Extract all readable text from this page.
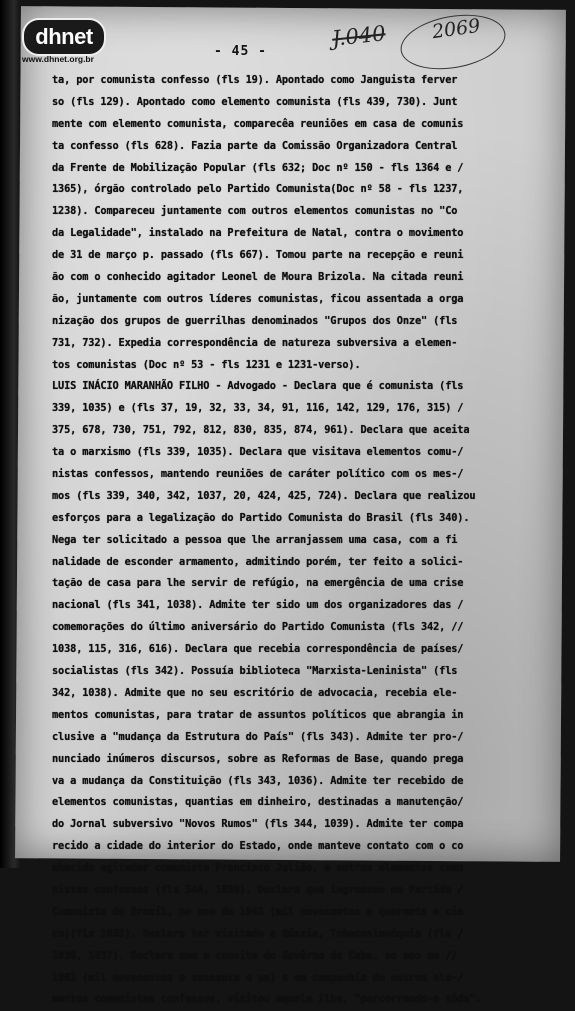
dhnet
www.dhnet.org.br	- 45 -
J.040 2069
ta, por comunista confesso (fls 19). Apontado como Janguista ferver
so (fls 129). Apontado como elemento comunista (fls 439, 730). Junt
mente com elemento comunista, comparecêa reuniões em casa de comunis
ta confesso (fls 628). Fazia parte da Comissão Organizadora Central
da Frente de Mobilização Popular (fls 632; Doc nº 150 - fls 1364 e /
1365), órgão controlado pelo Partido Comunista(Doc nº 58 - fls 1237,
1238). Compareceu juntamente com outros elementos comunistas no "Co
da Legalidade", instalado na Prefeitura de Natal, contra o movimento
de 31 de março p. passado (fls 667). Tomou parte na recepção e reuni
ão com o conhecido agitador Leonel de Moura Brizola. Na citada reuni
ão, juntamente com outros líderes comunistas, ficou assentada a orga
nização dos grupos de guerrilhas denominados "Grupos dos Onze" (fls
731, 732). Expedia correspondência de natureza subversiva a elemen-
tos comunistas (Doc nº 53 - fls 1231 e 1231-verso).
LUIS INÁCIO MARANHÃO FILHO - Advogado - Declara que é comunista (fls
339, 1035) e (fls 37, 19, 32, 33, 34, 91, 116, 142, 129, 176, 315) /
375, 678, 730, 751, 792, 812, 830, 835, 874, 961). Declara que aceita
ta o marxismo (fls 339, 1035). Declara que visitava elementos comu-/
nistas confessos, mantendo reuniões de caráter político com os mes-/
mos (fls 339, 340, 342, 1037, 20, 424, 425, 724). Declara que realizou
esforços para a legalização do Partido Comunista do Brasil (fls 340).
Nega ter solicitado a pessoa que lhe arranjassem uma casa, com a fi
nalidade de esconder armamento, admitindo porém, ter feito a solici-
tação de casa para lhe servir de refúgio, na emergência de uma crise
nacional (fls 341, 1038). Admite ter sido um dos organizadores das /
comemorações do último aniversário do Partido Comunista (fls 342, //
1038, 115, 316, 616). Declara que recebia correspondência de países/
socialistas (fls 342). Possuía biblioteca "Marxista-Leninista" (fls
342, 1038). Admite que no seu escritório de advocacia, recebia ele-
mentos comunistas, para tratar de assuntos políticos que abrangia in
clusive a "mudança da Estrutura do País" (fls 343). Admite ter pro-/
nunciado inúmeros discursos, sobre as Reformas de Base, quando prega
va a mudança da Constituição (fls 343, 1036). Admite ter recebido de
elementos comunistas, quantias em dinheiro, destinadas a manutenção/
do Jornal subversivo "Novos Rumos" (fls 344, 1039). Admite ter compa
recido a cidade do interior do Estado, onde manteve contato com o co
nhecido agitador comunista Francisco Julião, e outros elementos comu
nistas confessos (fls 344, 1039). Declara que ingressou no Partido /
Comunista do Brasil, no ano de 1945 (mil novecentos e quarenta e cin
co)(fls 1035). Declara ter visitado a Rússia, Tchecoslováquia (fls /
1036, 1037). Declara que a convite do Govêrno de Cuba, no ano de //
1961 (mil novecentos e sessenta e um) e em companhia de outros ele-/
mentos comunistas confessos, visitou aquela ilha, "percorrendo-a tôda".
